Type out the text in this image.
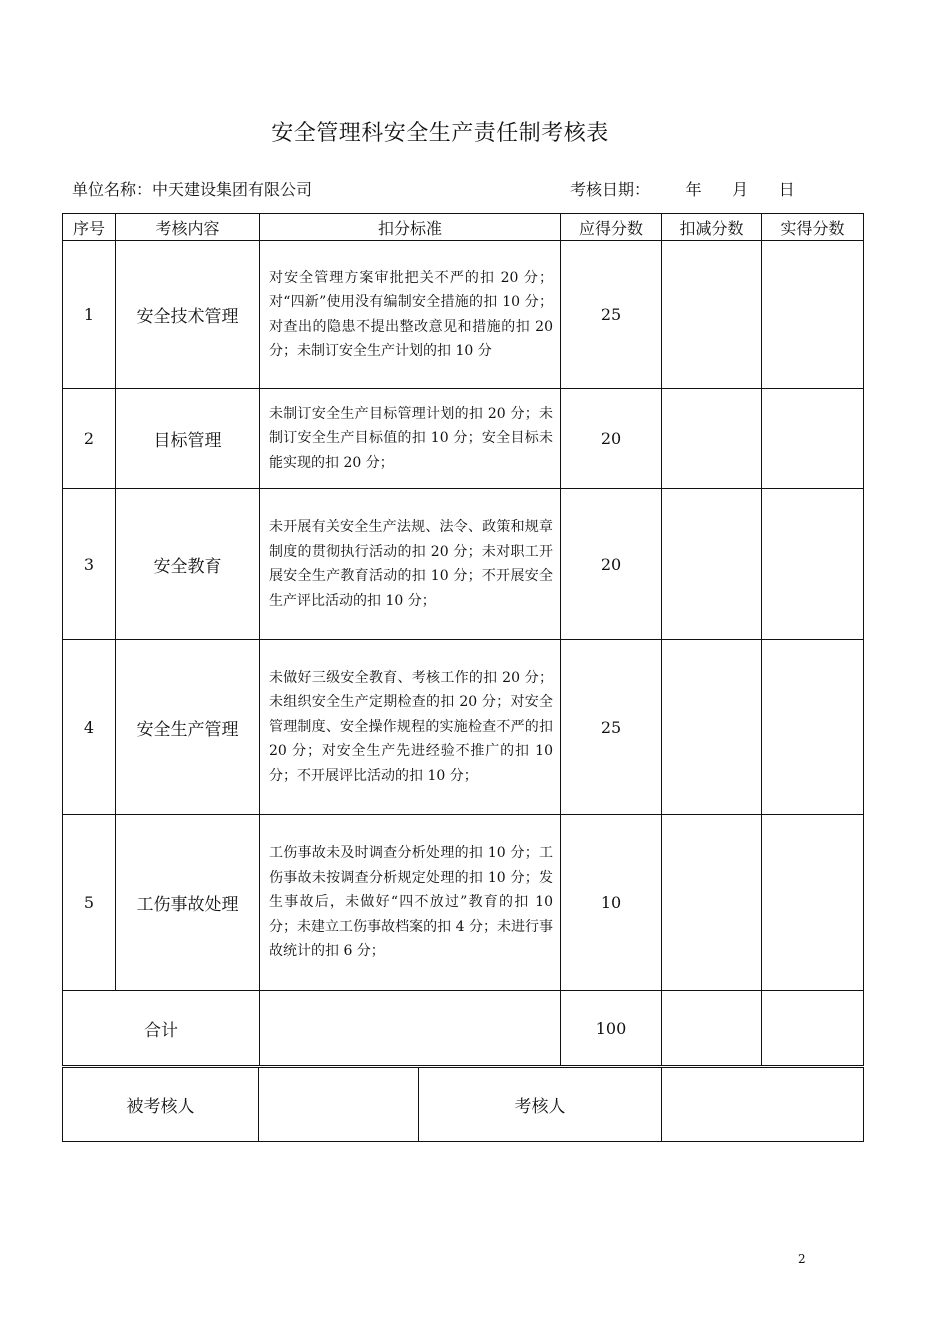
安全管理科安全生产责任制考核表
单位名称：中天建设集团有限公司	考核日期： 年 月 日
序号	考核内容	扣分标准	应得分数	扣减分数	实得分数
1	安全技术管理	对安全管理方案审批把关不严的扣 20 分；对“四新”使用没有编制安全措施的扣 10 分；对查出的隐患不提出整改意见和措施的扣 20 分；未制订安全生产计划的扣 10 分	25		
2	目标管理	未制订安全生产目标管理计划的扣 20 分；未制订安全生产目标值的扣 10 分；安全目标未能实现的扣 20 分；	20		
3	安全教育	未开展有关安全生产法规、法令、政策和规章制度的贯彻执行活动的扣 20 分；未对职工开展安全生产教育活动的扣 10 分；不开展安全生产评比活动的扣 10 分；	20		
4	安全生产管理	未做好三级安全教育、考核工作的扣 20 分；未组织安全生产定期检查的扣 20 分；对安全管理制度、安全操作规程的实施检查不严的扣 20 分；对安全生产先进经验不推广的扣 10 分；不开展评比活动的扣 10 分；	25		
5	工伤事故处理	工伤事故未及时调查分析处理的扣 10 分；工伤事故未按调查分析规定处理的扣 10 分；发生事故后，未做好“四不放过”教育的扣 10 分；未建立工伤事故档案的扣 4 分；未进行事故统计的扣 6 分；	10		
合计			100		
被考核人		考核人	
2
